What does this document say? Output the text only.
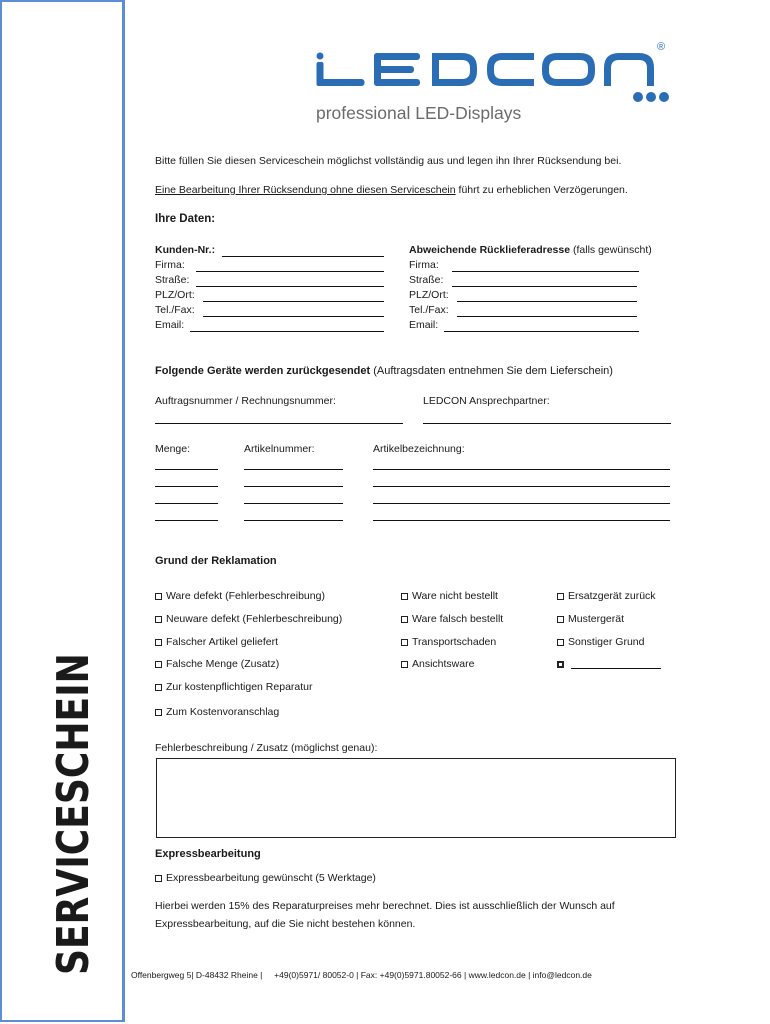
SERVICESCHEIN
®
professional LED-Displays
Bitte füllen Sie diesen Serviceschein möglichst vollständig aus und legen ihn Ihrer Rücksendung bei.
Eine Bearbeitung Ihrer Rücksendung ohne diesen Serviceschein führt zu erheblichen Verzögerungen.
Ihre Daten:
Kunden-Nr.:
Firma:
Straße:
PLZ/Ort:
Tel./Fax:
Email:
Abweichende Rücklieferadresse (falls gewünscht)
Firma:
Straße:
PLZ/Ort:
Tel./Fax:
Email:
Folgende Geräte werden zurückgesendet (Auftragsdaten entnehmen Sie dem Lieferschein)
Auftragsnummer / Rechnungsnummer:	LEDCON Ansprechpartner:
Menge:	Artikelnummer:	Artikelbezeichnung:
Grund der Reklamation
Ware defekt (Fehlerbeschreibung)
Neuware defekt (Fehlerbeschreibung)
Falscher Artikel geliefert
Falsche Menge (Zusatz)
Zur kostenpflichtigen Reparatur
Zum Kostenvoranschlag
Ware nicht bestellt
Ware falsch bestellt
Transportschaden
Ansichtsware
Ersatzgerät zurück
Mustergerät
Sonstiger Grund
Fehlerbeschreibung / Zusatz (möglichst genau):
Expressbearbeitung
Expressbearbeitung gewünscht (5 Werktage)
Hierbei werden 15% des Reparaturpreises mehr berechnet. Dies ist ausschließlich der Wunsch auf
Expressbearbeitung, auf die Sie nicht bestehen können.
Offenbergweg 5| D-48432 Rheine |     +49(0)5971/ 80052-0 | Fax: +49(0)5971.80052-66 | www.ledcon.de | info@ledcon.de
